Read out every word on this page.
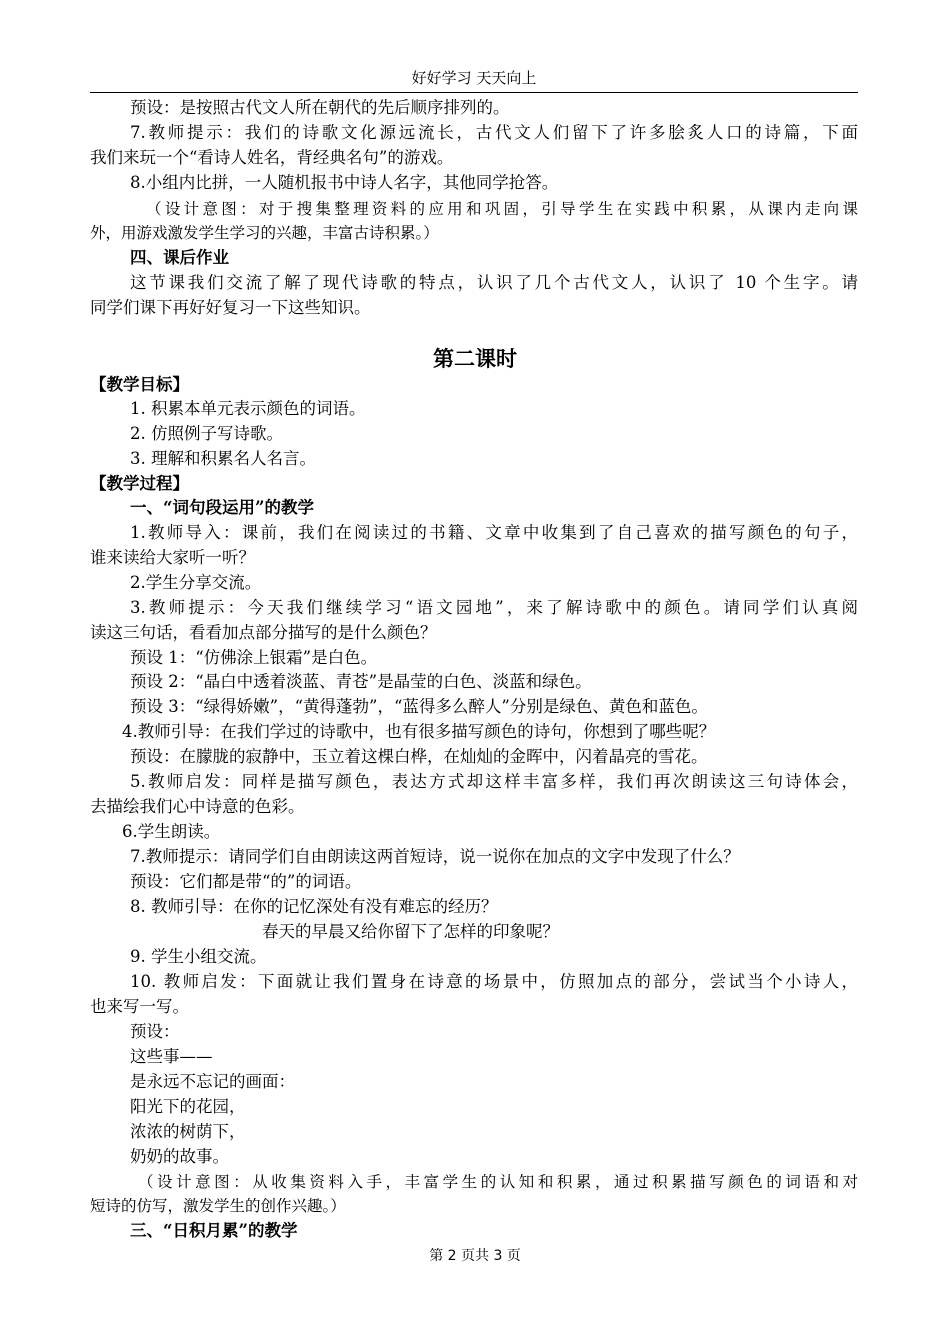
好好学习 天天向上
预设：是按照古代文人所在朝代的先后顺序排列的。
7.教师提示：我们的诗歌文化源远流长，古代文人们留下了许多脍炙人口的诗篇，下面
我们来玩一个“看诗人姓名，背经典名句”的游戏。
8.小组内比拼，一人随机报书中诗人名字，其他同学抢答。
（设计意图：对于搜集整理资料的应用和巩固，引导学生在实践中积累，从课内走向课
外，用游戏激发学生学习的兴趣，丰富古诗积累。）
四、课后作业
这节课我们交流了解了现代诗歌的特点，认识了几个古代文人，认识了 10 个生字。请
同学们课下再好好复习一下这些知识。
第二课时
【教学目标】
1. 积累本单元表示颜色的词语。
2. 仿照例子写诗歌。
3. 理解和积累名人名言。
【教学过程】
一、“词句段运用”的教学
1.教师导入：课前，我们在阅读过的书籍、文章中收集到了自己喜欢的描写颜色的句子，
谁来读给大家听一听？
2.学生分享交流。
3.教师提示：今天我们继续学习“语文园地”，来了解诗歌中的颜色。请同学们认真阅
读这三句话，看看加点部分描写的是什么颜色？
预设 1：“仿佛涂上银霜”是白色。
预设 2：“晶白中透着淡蓝、青苍”是晶莹的白色、淡蓝和绿色。
预设 3：“绿得娇嫩”，“黄得蓬勃”，“蓝得多么醉人”分别是绿色、黄色和蓝色。
4.教师引导：在我们学过的诗歌中，也有很多描写颜色的诗句，你想到了哪些呢？
预设：在朦胧的寂静中，玉立着这棵白桦，在灿灿的金晖中，闪着晶亮的雪花。
5.教师启发：同样是描写颜色，表达方式却这样丰富多样，我们再次朗读这三句诗体会，
去描绘我们心中诗意的色彩。
6.学生朗读。
7.教师提示：请同学们自由朗读这两首短诗，说一说你在加点的文字中发现了什么？
预设：它们都是带“的”的词语。
8. 教师引导：在你的记忆深处有没有难忘的经历？
春天的早晨又给你留下了怎样的印象呢？
9. 学生小组交流。
10. 教师启发：下面就让我们置身在诗意的场景中，仿照加点的部分，尝试当个小诗人，
也来写一写。
预设：
这些事——
是永远不忘记的画面：
阳光下的花园，
浓浓的树荫下，
奶奶的故事。
（设计意图：从收集资料入手，丰富学生的认知和积累，通过积累描写颜色的词语和对
短诗的仿写，激发学生的创作兴趣。）
三、“日积月累”的教学
第 2 页共 3 页
